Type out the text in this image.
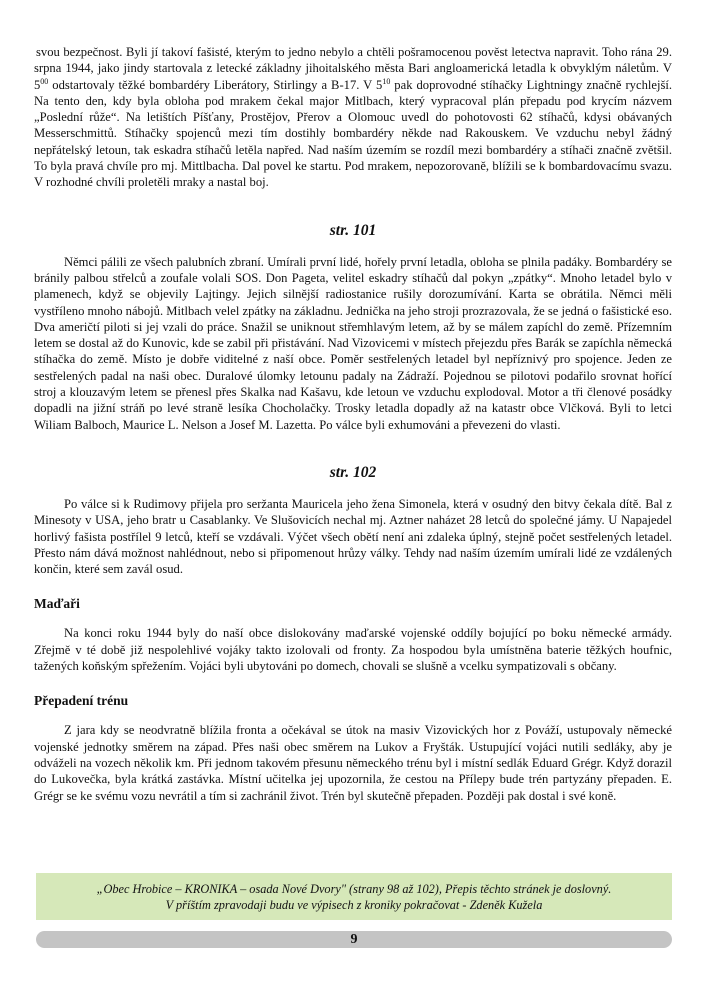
svou bezpečnost. Byli jí takoví fašisté, kterým to jedno nebylo a chtěli pošramocenou pověst letectva napravit. Toho rána 29. srpna 1944, jako jindy startovala z letecké základny jihoitalského města Bari angloamerická letadla k obvyklým náletům. V $5^{00}$ odstartovaly těžké bombardéry Liberátory, Stirlingy a B-17. V $5^{10}$ pak doprovodné stíhačky Lightningy značně rychlejší. Na tento den, kdy byla obloha pod mrakem čekal major Mitlbach, který vypracoval plán přepadu pod krycím názvem „Poslední růže“. Na letištích Píšťany, Prostějov, Přerov a Olomouc uvedl do pohotovosti 62 stíhačů, kdysi obávaných Messerschmittů. Stíhačky spojenců mezi tím dostihly bombardéry někde nad Rakouskem. Ve vzduchu nebyl žádný nepřátelský letoun, tak eskadra stíhačů letěla napřed. Nad naším územím se rozdíl mezi bombardéry a stíhači značně zvětšil. To byla pravá chvíle pro mj. Mittlbacha. Dal povel ke startu. Pod mrakem, nepozorovaně, blížili se k bombardovacímu svazu. V rozhodné chvíli proletěli mraky a nastal boj.

str. 101

Němci pálili ze všech palubních zbraní. Umírali první lidé, hořely první letadla, obloha se plnila padáky. Bombardéry se bránily palbou střelců a zoufale volali SOS. Don Pageta, velitel eskadry stíhačů dal pokyn „zpátky“. Mnoho letadel bylo v plamenech, když se objevily Lajtingy. Jejich silnější radiostanice rušily dorozumívání. Karta se obrátila. Němci měli vystříleno mnoho nábojů. Mitlbach velel zpátky na základnu. Jednička na jeho stroji prozrazovala, že se jedná o fašistické eso. Dva američtí piloti si jej vzali do práce. Snažil se uniknout střemhlavým letem, až by se málem zapíchl do země. Přízemním letem se dostal až do Kunovic, kde se zabil při přistávání. Nad Vizovicemi v místech přejezdu přes Barák se zapíchla německá stíhačka do země. Místo je dobře viditelné z naší obce. Poměr sestřelených letadel byl nepříznivý pro spojence. Jeden ze sestřelených padal na naši obec. Duralové úlomky letounu padaly na Zádraží. Pojednou se pilotovi podařilo srovnat hořící stroj a klouzavým letem se přenesl přes Skalka nad Kašavu, kde letoun ve vzduchu explodoval. Motor a tři členové posádky dopadli na jižní stráň po levé straně lesíka Chocholačky. Trosky letadla dopadly až na katastr obce Vlčková. Byli to letci Wiliam Balboch, Maurice L. Nelson a Josef M. Lazetta. Po válce byli exhumováni a převezeni do vlasti.

str. 102

Po válce si k Rudimovy přijela pro seržanta Mauricela jeho žena Simonela, která v osudný den bitvy čekala dítě. Bal z Minesoty v USA, jeho bratr u Casablanky. Ve Slušovicích nechal mj. Aztner naházet 28 letců do společné jámy. U Napajedel horlivý fašista postřílel 9 letců, kteří se vzdávali. Výčet všech obětí není ani zdaleka úplný, stejně počet sestřelených letadel. Přesto nám dává možnost nahlédnout, nebo si připomenout hrůzy války. Tehdy nad naším územím umírali lidé ze vzdálených končin, které sem zavál osud.

Maďaři

Na konci roku 1944 byly do naší obce dislokovány maďarské vojenské oddíly bojující po boku německé armády. Zřejmě v té době již nespolehlivé vojáky takto izolovali od fronty. Za hospodou byla umístněna baterie těžkých houfnic, tažených koňským spřežením. Vojáci byli ubytováni po domech, chovali se slušně a vcelku sympatizovali s občany.

Přepadení trénu

Z jara kdy se neodvratně blížila fronta a očekával se útok na masiv Vizovických hor z Pováží, ustupovaly německé vojenské jednotky směrem na západ. Přes naši obec směrem na Lukov a Fryšták. Ustupující vojáci nutili sedláky, aby je odváželi na vozech několik km. Při jednom takovém přesunu německého trénu byl i místní sedlák Eduard Grégr. Když dorazil do Lukovečka, byla krátká zastávka. Místní učitelka jej upozornila, že cestou na Přílepy bude trén partyzány přepaden. E. Grégr se ke svému vozu nevrátil a tím si zachránil život. Trén byl skutečně přepaden. Později pak dostal i své koně.

„Obec Hrobice – KRONIKA – osada Nové Dvory" (strany 98 až 102), Přepis těchto stránek je doslovný.
V příštím zpravodaji budu ve výpisech z kroniky pokračovat - Zdeněk Kužela
9
